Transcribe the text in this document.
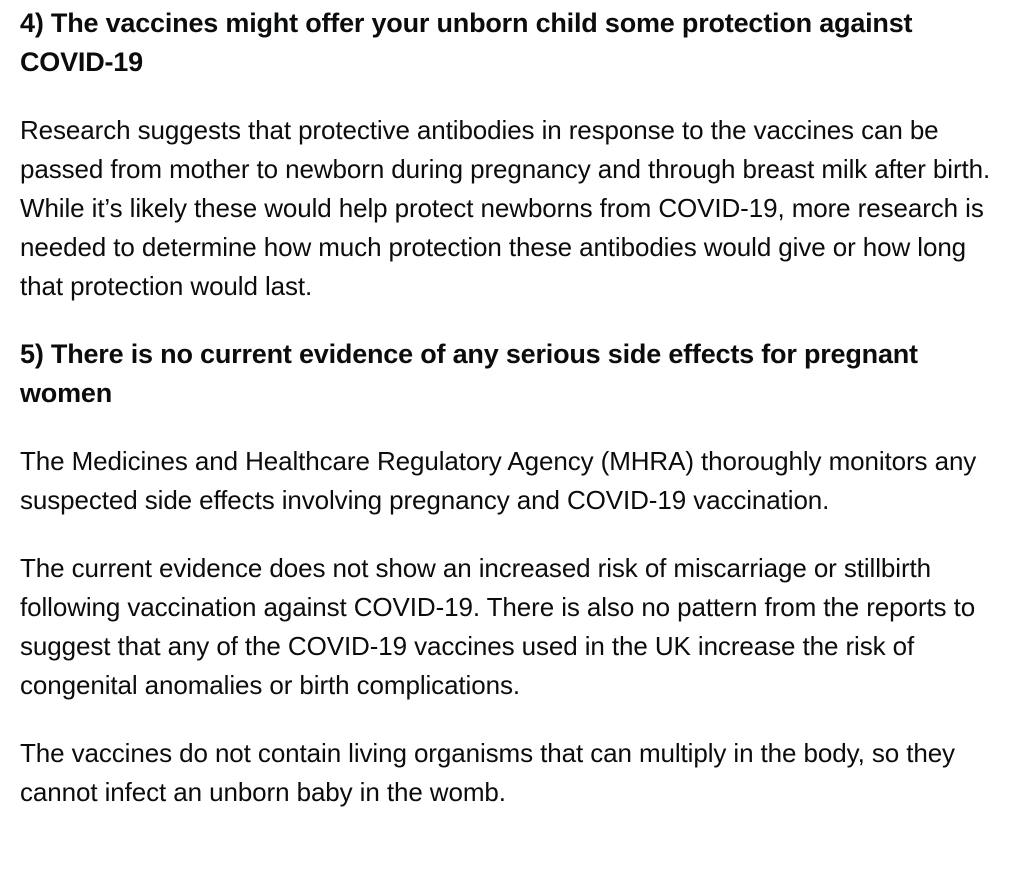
4) The vaccines might offer your unborn child some protection against COVID-19

Research suggests that protective antibodies in response to the vaccines can be passed from mother to newborn during pregnancy and through breast milk after birth. While it’s likely these would help protect newborns from COVID-19, more research is needed to determine how much protection these antibodies would give or how long that protection would last.

5) There is no current evidence of any serious side effects for pregnant women

The Medicines and Healthcare Regulatory Agency (MHRA) thoroughly monitors any suspected side effects involving pregnancy and COVID-19 vaccination.

The current evidence does not show an increased risk of miscarriage or stillbirth following vaccination against COVID-19. There is also no pattern from the reports to suggest that any of the COVID-19 vaccines used in the UK increase the risk of congenital anomalies or birth complications.

The vaccines do not contain living organisms that can multiply in the body, so they cannot infect an unborn baby in the womb.
